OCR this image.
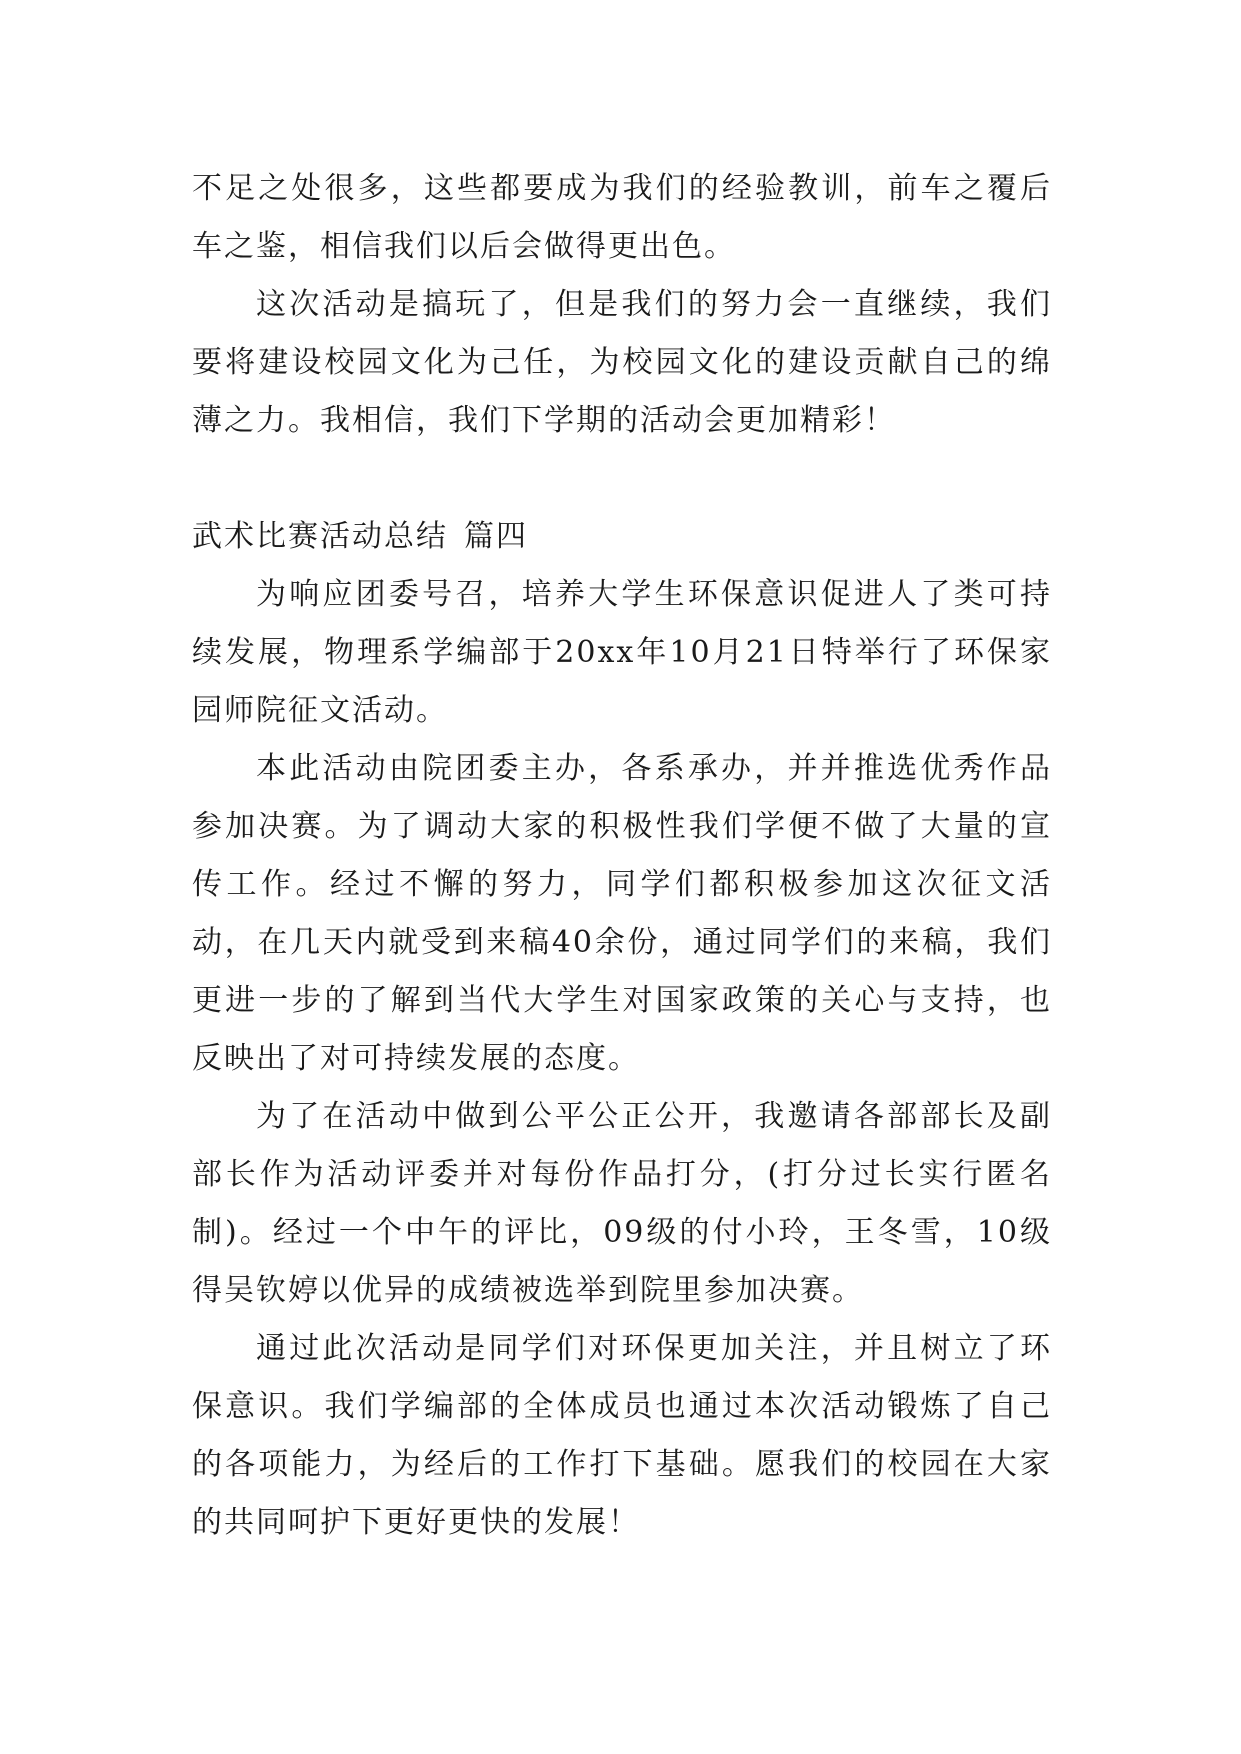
不足之处很多，这些都要成为我们的经验教训，前车之覆后车之鉴，相信我们以后会做得更出色。

这次活动是搞玩了，但是我们的努力会一直继续，我们要将建设校园文化为己任，为校园文化的建设贡献自己的绵薄之力。我相信，我们下学期的活动会更加精彩！

武术比赛活动总结 篇四

为响应团委号召，培养大学生环保意识促进人了类可持续发展，物理系学编部于20xx年10月21日特举行了环保家园师院征文活动。

本此活动由院团委主办，各系承办，并并推选优秀作品参加决赛。为了调动大家的积极性我们学便不做了大量的宣传工作。经过不懈的努力，同学们都积极参加这次征文活动，在几天内就受到来稿40余份，通过同学们的来稿，我们更进一步的了解到当代大学生对国家政策的关心与支持，也反映出了对可持续发展的态度。

为了在活动中做到公平公正公开，我邀请各部部长及副部长作为活动评委并对每份作品打分，(打分过长实行匿名制)。经过一个中午的评比，09级的付小玲，王冬雪，10级得吴钦婷以优异的成绩被选举到院里参加决赛。

通过此次活动是同学们对环保更加关注，并且树立了环保意识。我们学编部的全体成员也通过本次活动锻炼了自己的各项能力，为经后的工作打下基础。愿我们的校园在大家的共同呵护下更好更快的发展！
